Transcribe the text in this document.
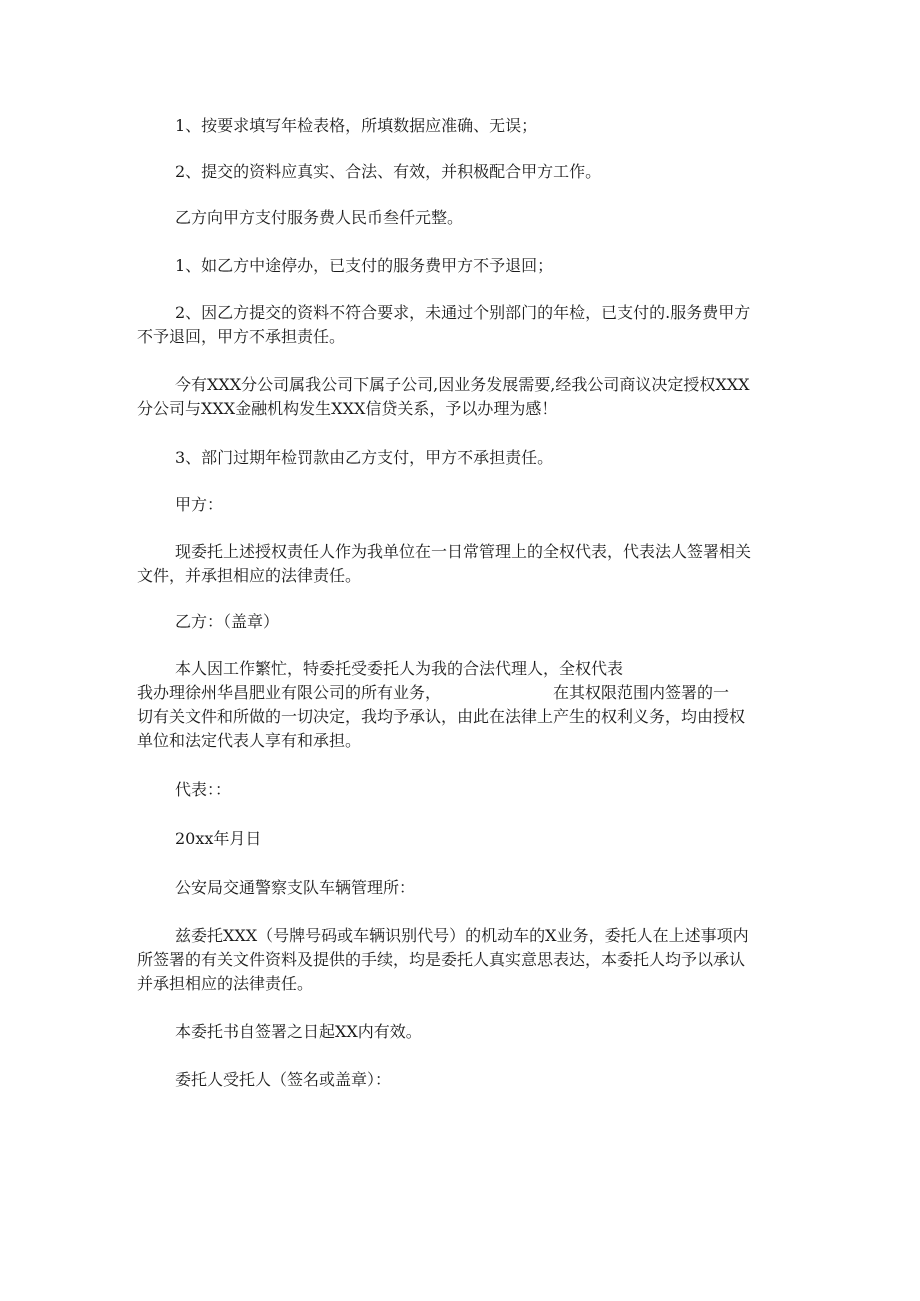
1、按要求填写年检表格，所填数据应准确、无误；
2、提交的资料应真实、合法、有效，并积极配合甲方工作。
乙方向甲方支付服务费人民币叁仟元整。
1、如乙方中途停办，已支付的服务费甲方不予退回；
2、因乙方提交的资料不符合要求，未通过个别部门的年检，已支付的.服务费甲方
不予退回，甲方不承担责任。
今有XXX分公司属我公司下属子公司,因业务发展需要,经我公司商议决定授权XXX
分公司与XXX金融机构发生XXX信贷关系，予以办理为感！
3、部门过期年检罚款由乙方支付，甲方不承担责任。
甲方：
现委托上述授权责任人作为我单位在一日常管理上的全权代表，代表法人签署相关
文件，并承担相应的法律责任。
乙方：（盖章）
本人因工作繁忙，特委托受委托人为我的合法代理人，全权代表
我办理徐州华昌肥业有限公司的所有业务，	在其权限范围内签署的一
切有关文件和所做的一切决定，我均予承认，由此在法律上产生的权利义务，均由授权
单位和法定代表人享有和承担。
代表：：
20xx年月日
公安局交通警察支队车辆管理所：
兹委托XXX（号牌号码或车辆识别代号）的机动车的X业务，委托人在上述事项内
所签署的有关文件资料及提供的手续，均是委托人真实意思表达，本委托人均予以承认
并承担相应的法律责任。
本委托书自签署之日起XX内有效。
委托人受托人（签名或盖章）：
